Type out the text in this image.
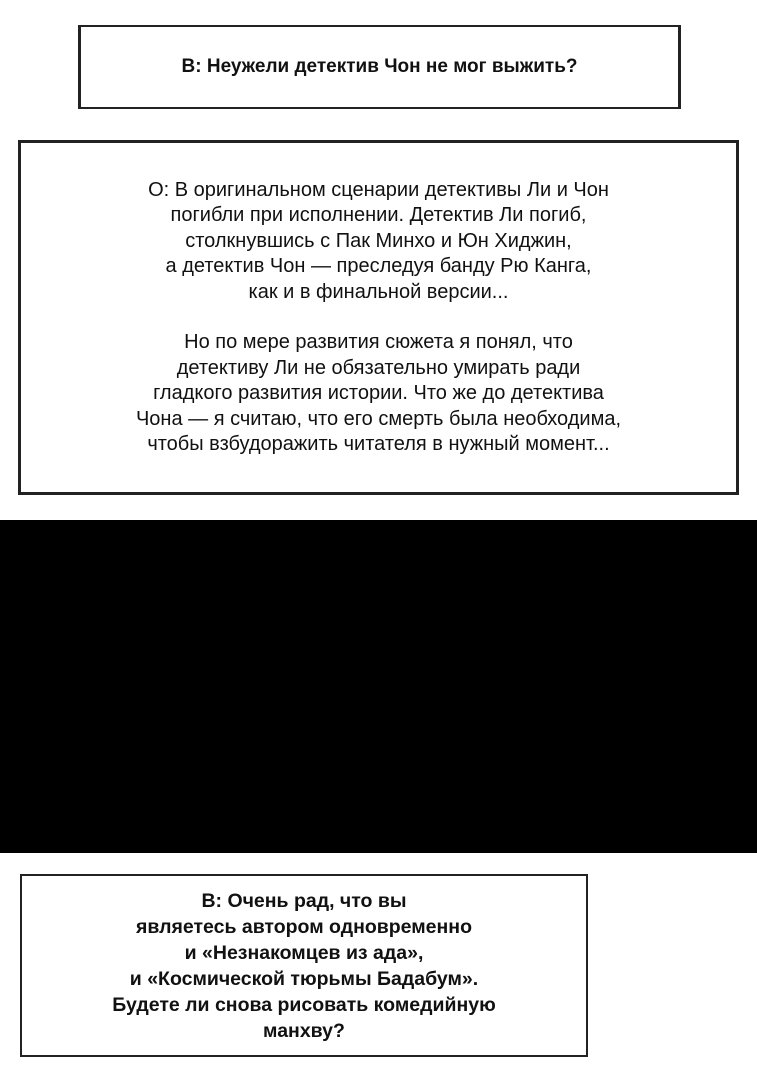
В: Неужели детектив Чон не мог выжить?

О: В оригинальном сценарии детективы Ли и Чон
погибли при исполнении. Детектив Ли погиб,
столкнувшись с Пак Минхо и Юн Хиджин,
а детектив Чон — преследуя банду Рю Канга,
как и в финальной версии...

Но по мере развития сюжета я понял, что
детективу Ли не обязательно умирать ради
гладкого развития истории. Что же до детектива
Чона — я считаю, что его смерть была необходима,
чтобы взбудоражить читателя в нужный момент...

В: Очень рад, что вы
являетесь автором одновременно
и «Незнакомцев из ада»,
и «Космической тюрьмы Бадабум».
Будете ли снова рисовать комедийную
манхву?
